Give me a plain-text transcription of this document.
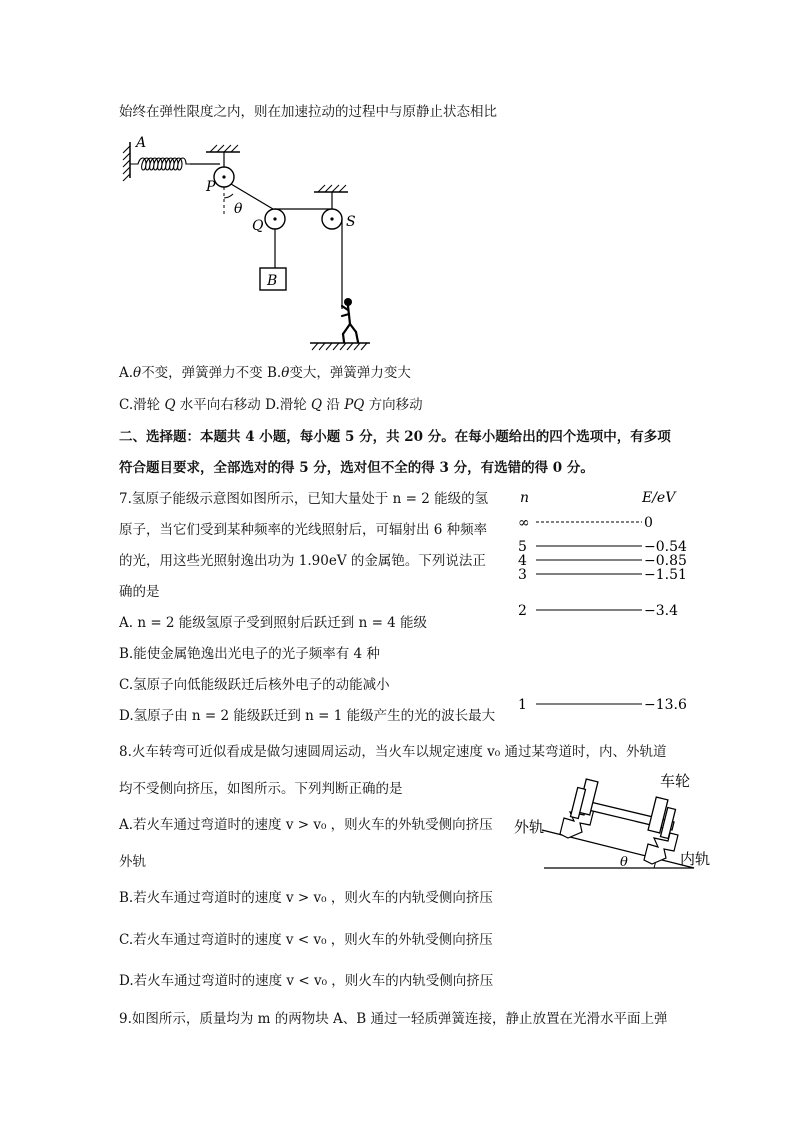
始终在弹性限度之内，则在加速拉动的过程中与原静止状态相比
A
P
θ
Q
B
S
A.θ不变，弹簧弹力不变 B.θ变大，弹簧弹力变大
C.滑轮 Q 水平向右移动 D.滑轮 Q 沿 PQ 方向移动
二、选择题：本题共 4 小题，每小题 5 分，共 20 分。在每小题给出的四个选项中，有多项
符合题目要求，全部选对的得 5 分，选对但不全的得 3 分，有选错的得 0 分。
7.氢原子能级示意图如图所示，已知大量处于 n = 2 能级的氢
原子，当它们受到某种频率的光线照射后，可辐射出 6 种频率
的光，用这些光照射逸出功为 1.90eV 的金属铯。下列说法正
确的是
A. n = 2 能级氢原子受到照射后跃迁到 n = 4 能级
B.能使金属铯逸出光电子的光子频率有 4 种
C.氢原子向低能级跃迁后核外电子的动能减小
D.氢原子由 n = 2 能级跃迁到 n = 1 能级产生的光的波长最大
n	E/eV
∞	0
5	−0.54
4	−0.85
3	−1.51
2	−3.4
1	−13.6
8.火车转弯可近似看成是做匀速圆周运动，当火车以规定速度 v₀ 通过某弯道时，内、外轨道
均不受侧向挤压，如图所示。下列判断正确的是
A.若火车通过弯道时的速度 v > v₀ ，则火车的外轨受侧向挤压
外轨
B.若火车通过弯道时的速度 v > v₀ ，则火车的内轨受侧向挤压
C.若火车通过弯道时的速度 v < v₀ ，则火车的外轨受侧向挤压
D.若火车通过弯道时的速度 v < v₀ ，则火车的内轨受侧向挤压
θ
车轮
外轨
内轨
9.如图所示，质量均为 m 的两物块 A、B 通过一轻质弹簧连接，静止放置在光滑水平面上弹
